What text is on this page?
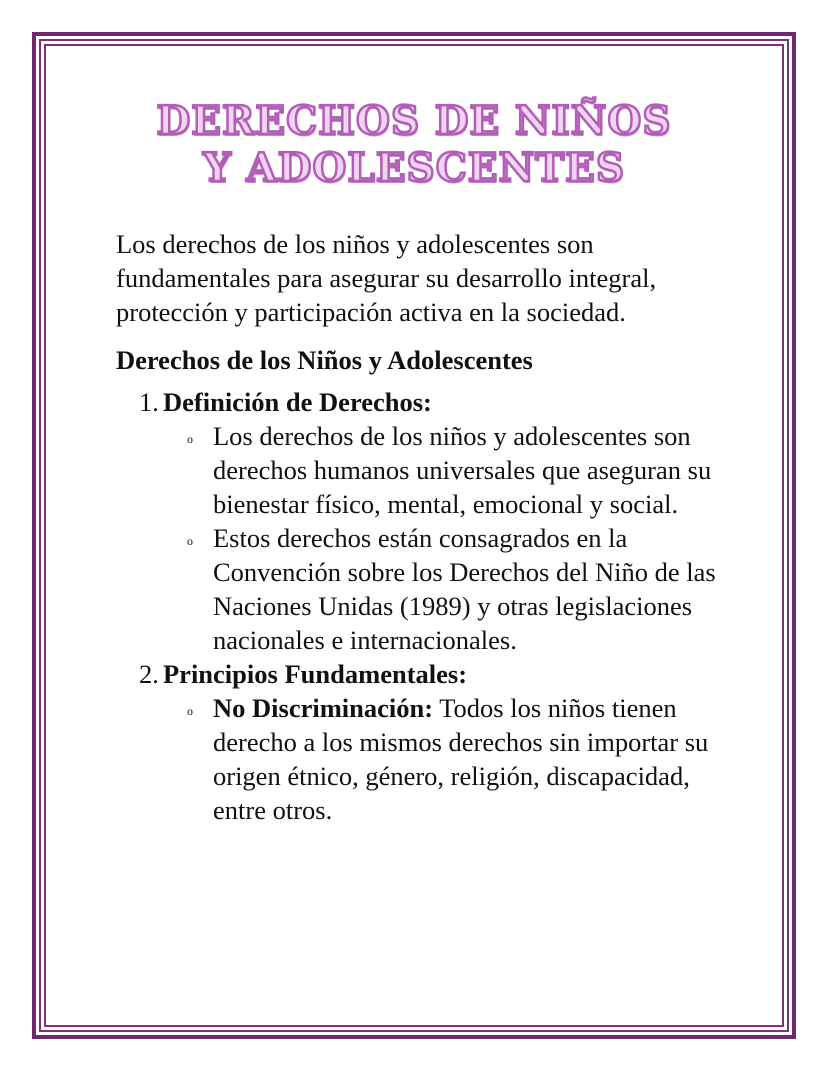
DERECHOS DE NIÑOS
Y ADOLESCENTES

Los derechos de los niños y adolescentes son fundamentales para asegurar su desarrollo integral, protección y participación activa en la sociedad.

Derechos de los Niños y Adolescentes

1. Definición de Derechos:
o Los derechos de los niños y adolescentes son derechos humanos universales que aseguran su bienestar físico, mental, emocional y social.
o Estos derechos están consagrados en la Convención sobre los Derechos del Niño de las Naciones Unidas (1989) y otras legislaciones nacionales e internacionales.
2. Principios Fundamentales:
o No Discriminación: Todos los niños tienen derecho a los mismos derechos sin importar su origen étnico, género, religión, discapacidad, entre otros.
